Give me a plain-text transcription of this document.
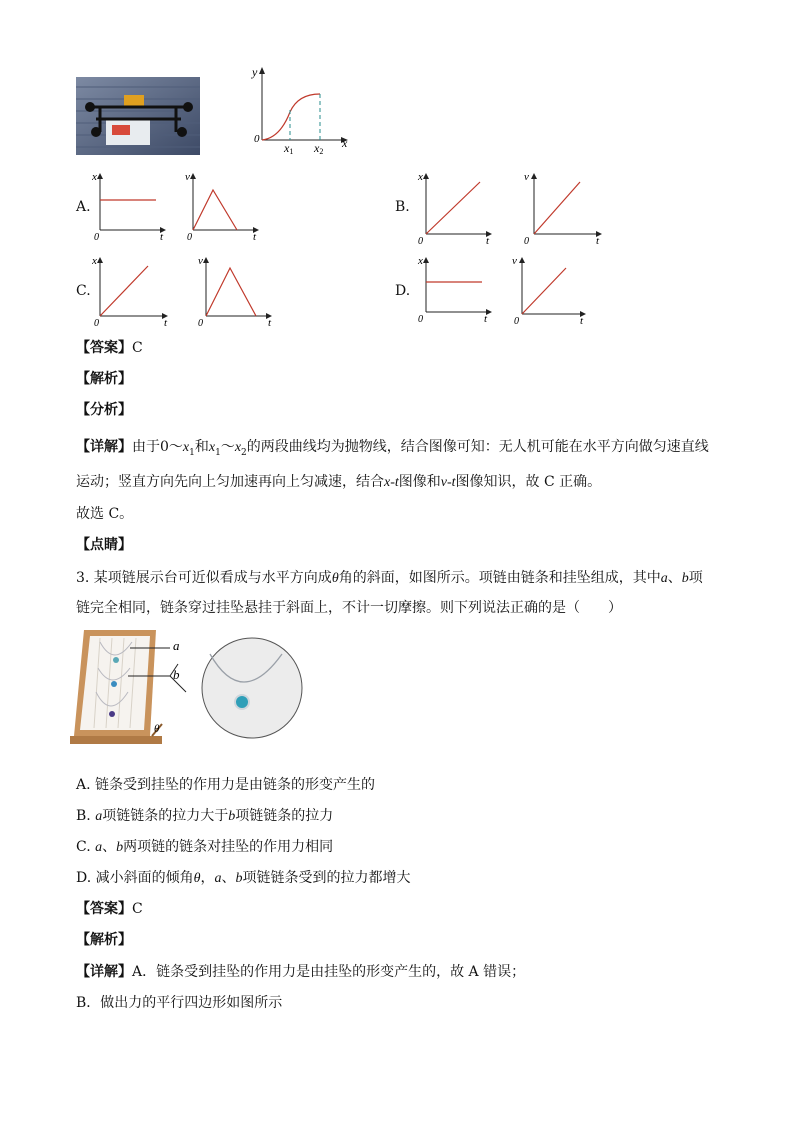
y
x
0
x1 x2
A.	B.
C.	D.
x
0	t
v
0	t
x
0	t
v
0	t
x
0	t
v
0	t
x
0	t
v
0	t
【答案】C
【解析】
【分析】
【详解】由于$0\sim x_1$和$x_1\sim x_2$的两段曲线均为抛物线，结合图像可知：无人机可能在水平方向做匀速直线
运动；竖直方向先向上匀加速再向上匀减速，结合x-t图像和v-t图像知识，故 C 正确。
故选 C。
【点睛】
3. 某项链展示台可近似看成与水平方向成θ角的斜面，如图所示。项链由链条和挂坠组成，其中a、b项
链完全相同，链条穿过挂坠悬挂于斜面上，不计一切摩擦。则下列说法正确的是（　　）
a
b
θ
A. 链条受到挂坠的作用力是由链条的形变产生的
B. a项链链条的拉力大于b项链链条的拉力
C. a、b两项链的链条对挂坠的作用力相同
D. 减小斜面的倾角θ，a、b项链链条受到的拉力都增大
【答案】C
【解析】
【详解】A．链条受到挂坠的作用力是由挂坠的形变产生的，故 A 错误；
B．做出力的平行四边形如图所示
